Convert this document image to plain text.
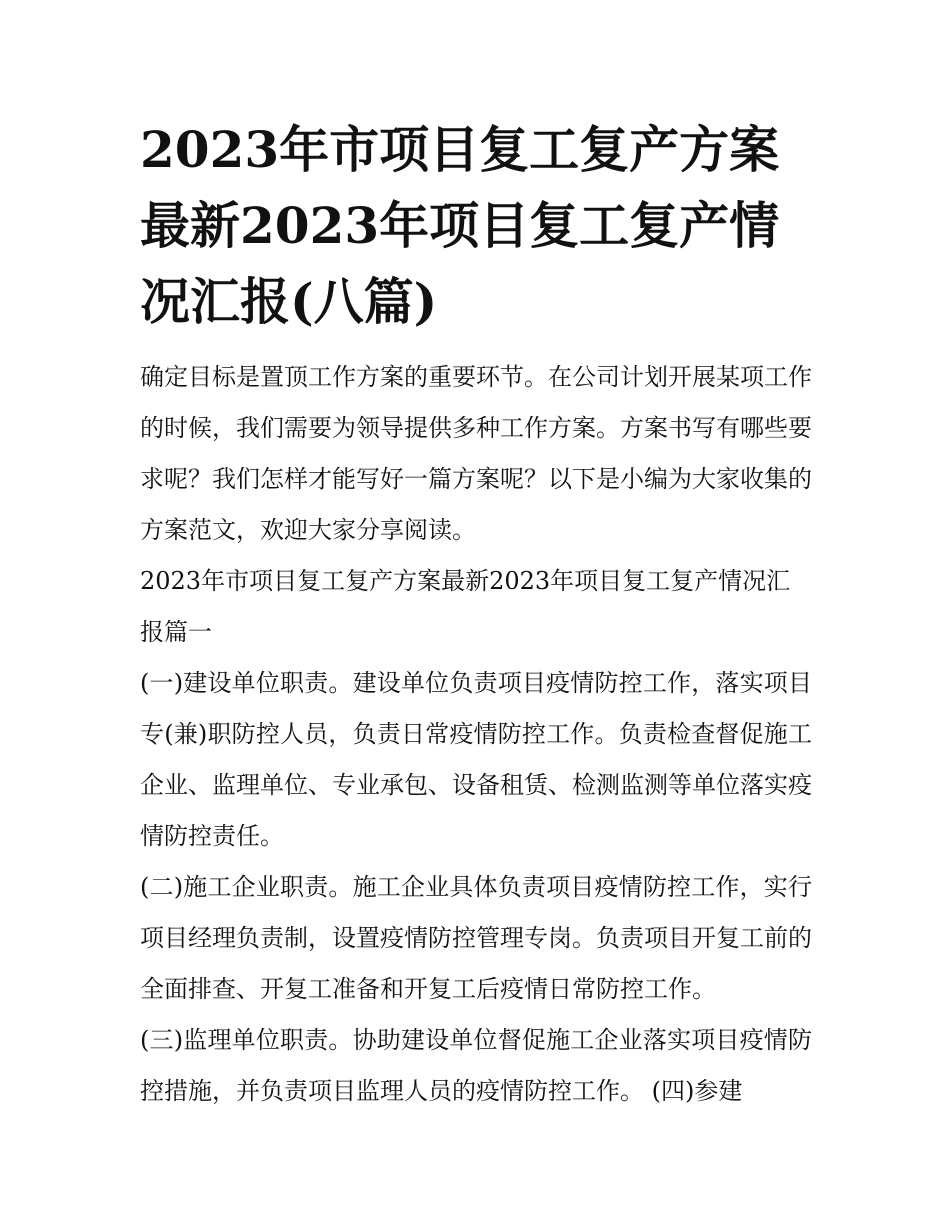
2023年市项目复工复产方案最新2023年项目复工复产情况汇报(八篇)

确定目标是置顶工作方案的重要环节。在公司计划开展某项工作的时候，我们需要为领导提供多种工作方案。方案书写有哪些要求呢？我们怎样才能写好一篇方案呢？以下是小编为大家收集的方案范文，欢迎大家分享阅读。

2023年市项目复工复产方案最新2023年项目复工复产情况汇报篇一

(一)建设单位职责。建设单位负责项目疫情防控工作，落实项目专(兼)职防控人员，负责日常疫情防控工作。负责检查督促施工企业、监理单位、专业承包、设备租赁、检测监测等单位落实疫情防控责任。

(二)施工企业职责。施工企业具体负责项目疫情防控工作，实行项目经理负责制，设置疫情防控管理专岗。负责项目开复工前的全面排查、开复工准备和开复工后疫情日常防控工作。

(三)监理单位职责。协助建设单位督促施工企业落实项目疫情防控措施，并负责项目监理人员的疫情防控工作。 (四)参建
